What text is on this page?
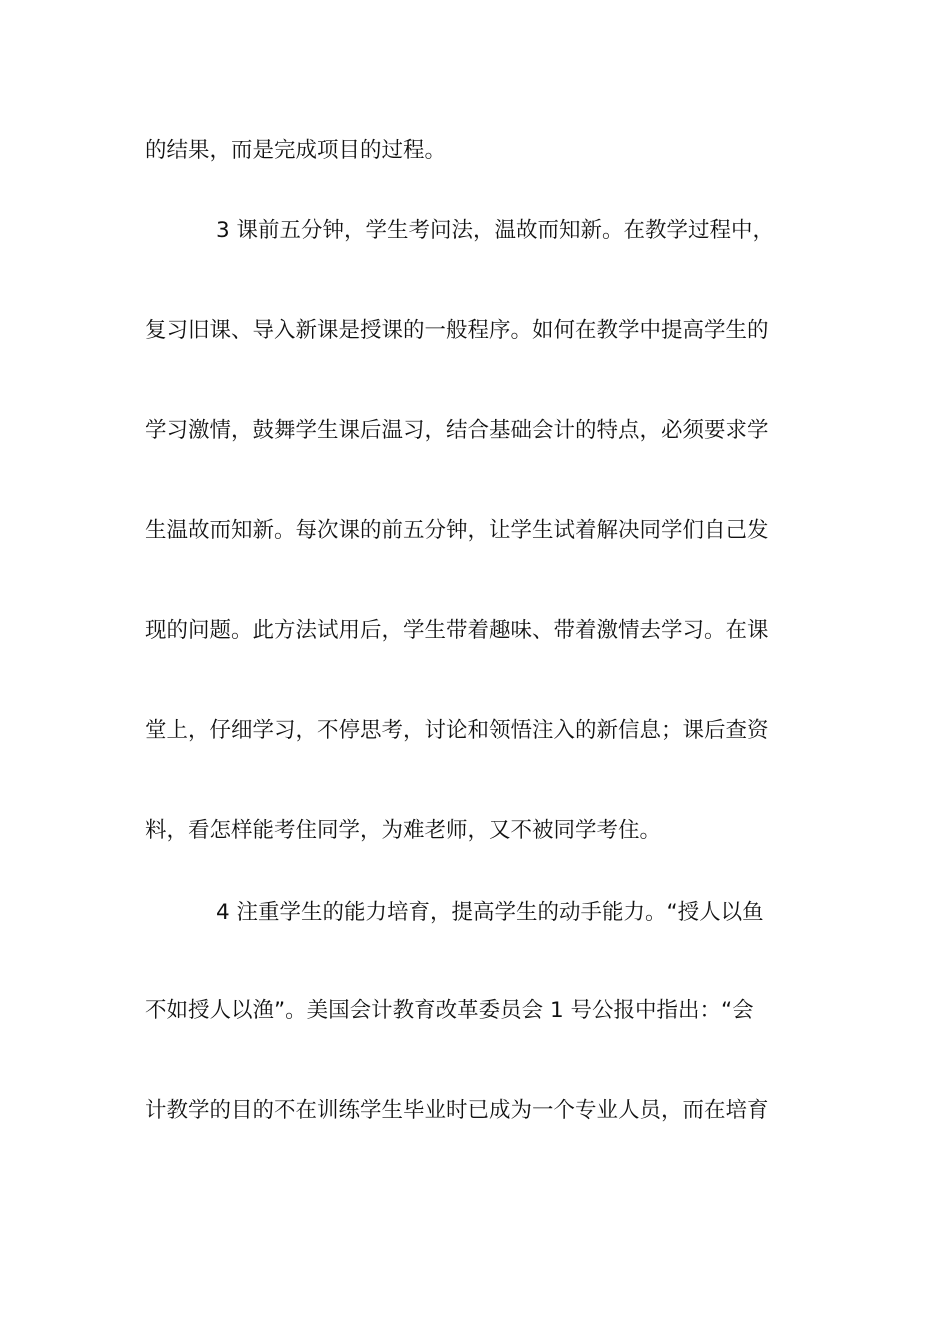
的结果，而是完成项目的过程。
3 课前五分钟，学生考问法，温故而知新。在教学过程中，
复习旧课、导入新课是授课的一般程序。如何在教学中提高学生的
学习激情，鼓舞学生课后温习，结合基础会计的特点，必须要求学
生温故而知新。每次课的前五分钟，让学生试着解决同学们自己发
现的问题。此方法试用后，学生带着趣味、带着激情去学习。在课
堂上，仔细学习，不停思考，讨论和领悟注入的新信息；课后查资
料，看怎样能考住同学，为难老师，又不被同学考住。
4 注重学生的能力培育，提高学生的动手能力。“授人以鱼
不如授人以渔”。美国会计教育改革委员会 1 号公报中指出：“会
计教学的目的不在训练学生毕业时已成为一个专业人员，而在培育
